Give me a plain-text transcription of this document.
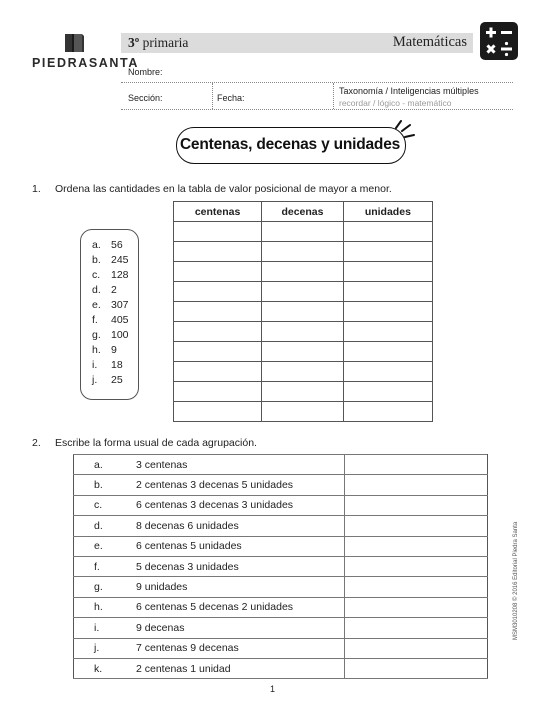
PIEDRASANTA
3º primaria	Matemáticas
Nombre:
Sección:	Fecha:
Taxonomía / Inteligencias múltiples
recordar / lógico - matemático
Centenas, decenas y unidades
1. Ordena las cantidades en la tabla de valor posicional de mayor a menor.
a. 56
b. 245
c. 128
d. 2
e. 307
f. 405
g. 100
h. 9
i. 18
j. 25
centenas	decenas	unidades

2. Escribe la forma usual de cada agrupación.
a.	3 centenas	
b.	2 centenas 3 decenas 5 unidades	
c.	6 centenas 3 decenas 3 unidades	
d.	8 decenas 6 unidades	
e.	6 centenas 5 unidades	
f.	5 decenas 3 unidades	
g.	9 unidades	
h.	6 centenas 5 decenas 2 unidades	
i.	9 decenas	
j.	7 centenas 9 decenas	
k.	2 centenas 1 unidad	
MSM3010208 © 2016 Editorial Piedra Santa
1
